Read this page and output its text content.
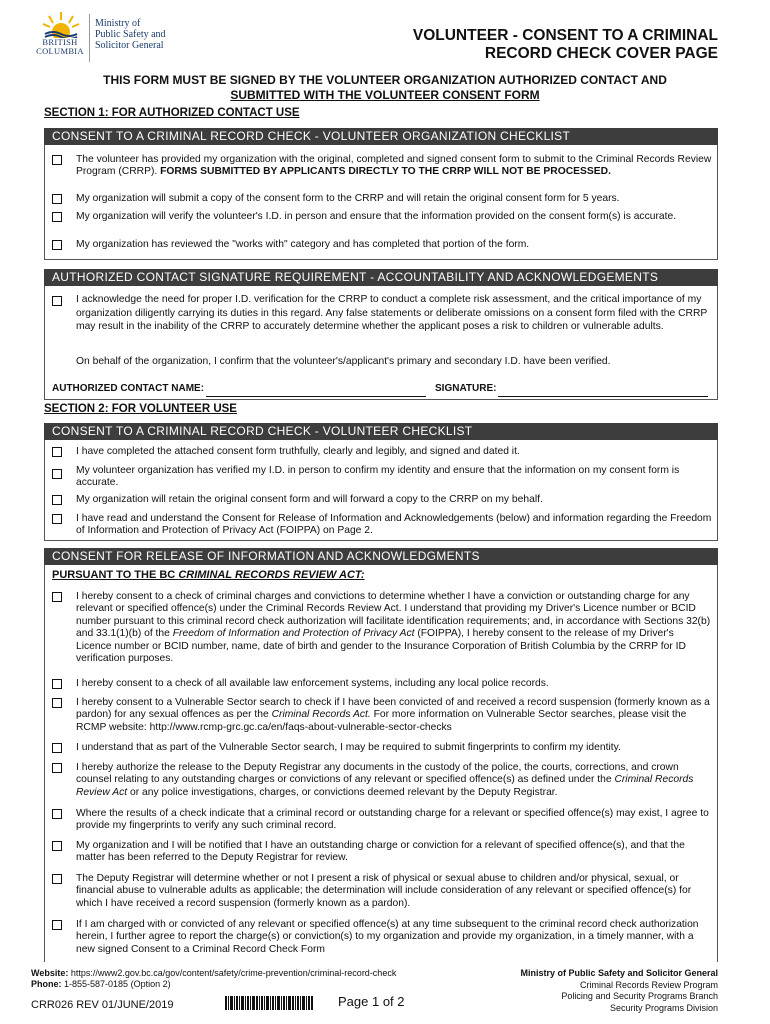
BRITISH
COLUMBIA
Ministry of
Public Safety and
Solicitor General
VOLUNTEER - CONSENT TO A CRIMINAL
RECORD CHECK COVER PAGE
THIS FORM MUST BE SIGNED BY THE VOLUNTEER ORGANIZATION AUTHORIZED CONTACT AND
SUBMITTED WITH THE VOLUNTEER CONSENT FORM
SECTION 1: FOR AUTHORIZED CONTACT USE
CONSENT TO A CRIMINAL RECORD CHECK - VOLUNTEER ORGANIZATION CHECKLIST
The volunteer has provided my organization with the original, completed and signed consent form to submit to the Criminal Records Review Program (CRRP). FORMS SUBMITTED BY APPLICANTS DIRECTLY TO THE CRRP WILL NOT BE PROCESSED.
My organization will submit a copy of the consent form to the CRRP and will retain the original consent form for 5 years.
My organization will verify the volunteer's I.D. in person and ensure that the information provided on the consent form(s) is accurate.
My organization has reviewed the "works with" category and has completed that portion of the form.
AUTHORIZED CONTACT SIGNATURE REQUIREMENT - ACCOUNTABILITY AND ACKNOWLEDGEMENTS
I acknowledge the need for proper I.D. verification for the CRRP to conduct a complete risk assessment, and the critical importance of my organization diligently carrying its duties in this regard. Any false statements or deliberate omissions on a consent form filed with the CRRP may result in the inability of the CRRP to accurately determine whether the applicant poses a risk to children or vulnerable adults.
On behalf of the organization, I confirm that the volunteer's/applicant's primary and secondary I.D. have been verified.
AUTHORIZED CONTACT NAME:	SIGNATURE:
SECTION 2: FOR VOLUNTEER USE
CONSENT TO A CRIMINAL RECORD CHECK - VOLUNTEER CHECKLIST
I have completed the attached consent form truthfully, clearly and legibly, and signed and dated it.
My volunteer organization has verified my I.D. in person to confirm my identity and ensure that the information on my consent form is accurate.
My organization will retain the original consent form and will forward a copy to the CRRP on my behalf.
I have read and understand the Consent for Release of Information and Acknowledgements (below) and information regarding the Freedom of Information and Protection of Privacy Act (FOIPPA) on Page 2.
CONSENT FOR RELEASE OF INFORMATION AND ACKNOWLEDGMENTS
PURSUANT TO THE BC CRIMINAL RECORDS REVIEW ACT:
I hereby consent to a check of criminal charges and convictions to determine whether I have a conviction or outstanding charge for any relevant or specified offence(s) under the Criminal Records Review Act. I understand that providing my Driver's Licence number or BCID number pursuant to this criminal record check authorization will facilitate identification requirements; and, in accordance with Sections 32(b) and 33.1(1)(b) of the Freedom of Information and Protection of Privacy Act (FOIPPA), I hereby consent to the release of my Driver's Licence number or BCID number, name, date of birth and gender to the Insurance Corporation of British Columbia by the CRRP for ID verification purposes.
I hereby consent to a check of all available law enforcement systems, including any local police records.
I hereby consent to a Vulnerable Sector search to check if I have been convicted of and received a record suspension (formerly known as a pardon) for any sexual offences as per the Criminal Records Act. For more information on Vulnerable Sector searches, please visit the RCMP website: http://www.rcmp-grc.gc.ca/en/faqs-about-vulnerable-sector-checks
I understand that as part of the Vulnerable Sector search, I may be required to submit fingerprints to confirm my identity.
I hereby authorize the release to the Deputy Registrar any documents in the custody of the police, the courts, corrections, and crown counsel relating to any outstanding charges or convictions of any relevant or specified offence(s) as defined under the Criminal Records Review Act or any police investigations, charges, or convictions deemed relevant by the Deputy Registrar.
Where the results of a check indicate that a criminal record or outstanding charge for a relevant or specified offence(s) may exist, I agree to provide my fingerprints to verify any such criminal record.
My organization and I will be notified that I have an outstanding charge or conviction for a relevant of specified offence(s), and that the matter has been referred to the Deputy Registrar for review.
The Deputy Registrar will determine whether or not I present a risk of physical or sexual abuse to children and/or physical, sexual, or financial abuse to vulnerable adults as applicable; the determination will include consideration of any relevant or specified offence(s) for which I have received a record suspension (formerly known as a pardon).
If I am charged with or convicted of any relevant or specified offence(s) at any time subsequent to the criminal record check authorization herein, I further agree to report the charge(s) or conviction(s) to my organization and provide my organization, in a timely manner, with a new signed Consent to a Criminal Record Check Form
Website: https://www2.gov.bc.ca/gov/content/safety/crime-prevention/criminal-record-check
Phone: 1-855-587-0185 (Option 2)
CRR026 REV 01/JUNE/2019	Page 1 of 2
Ministry of Public Safety and Solicitor General
Criminal Records Review Program
Policing and Security Programs Branch
Security Programs Division
